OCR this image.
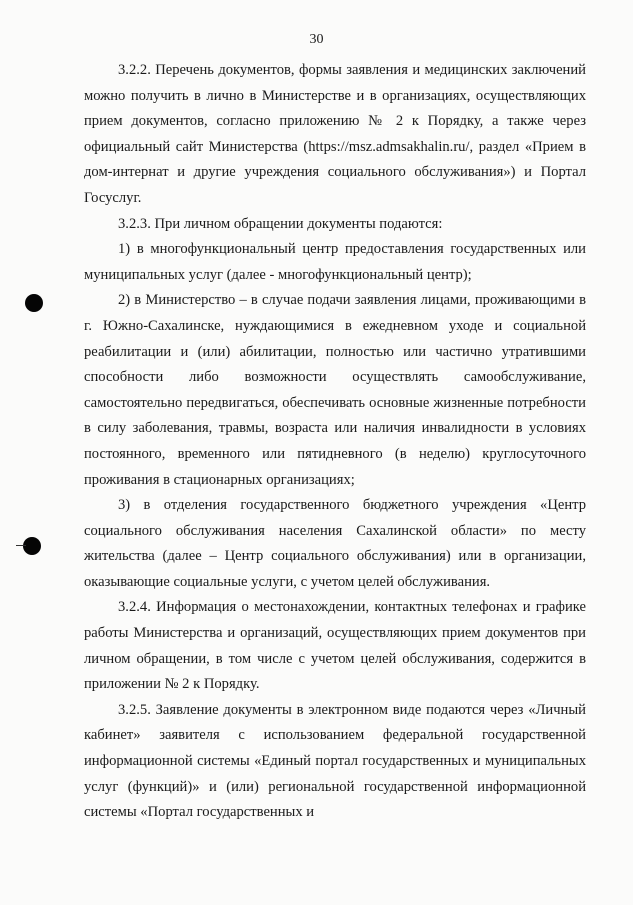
30

3.2.2. Перечень документов, формы заявления и медицинских заключений можно получить в лично в Министерстве и в организациях, осуществляющих прием документов, согласно приложению № 2 к Порядку, а также через официальный сайт Министерства (https://msz.admsakhalin.ru/, раздел «Прием в дом-интернат и другие учреждения социального обслуживания») и Портал Госуслуг.

3.2.3. При личном обращении документы подаются:

1) в многофункциональный центр предоставления государственных или муниципальных услуг (далее - многофункциональный центр);

2) в Министерство – в случае подачи заявления лицами, проживающими в г. Южно-Сахалинске, нуждающимися в ежедневном уходе и социальной реабилитации и (или) абилитации, полностью или частично утратившими способности либо возможности осуществлять самообслуживание, самостоятельно передвигаться, обеспечивать основные жизненные потребности в силу заболевания, травмы, возраста или наличия инвалидности в условиях постоянного, временного или пятидневного (в неделю) круглосуточного проживания в стационарных организациях;

3) в отделения государственного бюджетного учреждения «Центр социального обслуживания населения Сахалинской области» по месту жительства (далее – Центр социального обслуживания) или в организации, оказывающие социальные услуги, с учетом целей обслуживания.

3.2.4. Информация о местонахождении, контактных телефонах и графике работы Министерства и организаций, осуществляющих прием документов при личном обращении, в том числе с учетом целей обслуживания, содержится в приложении № 2 к Порядку.

3.2.5. Заявление документы в электронном виде подаются через «Личный кабинет» заявителя с использованием федеральной государственной информационной системы «Единый портал государственных и муниципальных услуг (функций)» и (или) региональной государственной информационной системы «Портал государственных и
